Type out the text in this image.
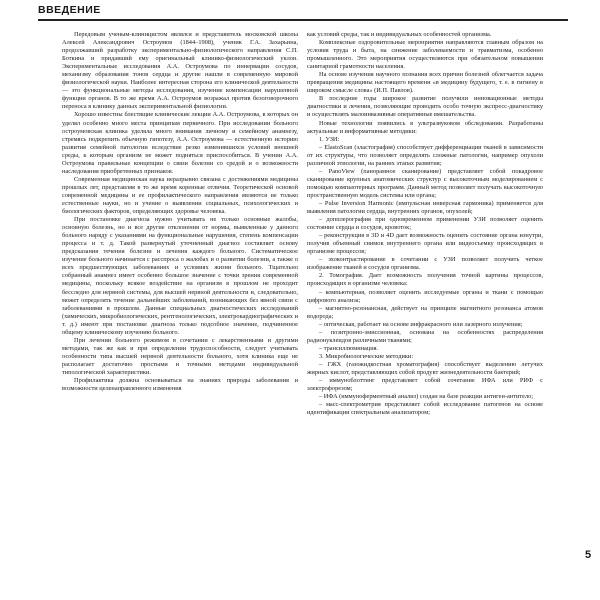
ВВЕДЕНИЕ

Передовым ученым-клиницистом являлся и представитель московской школы Алексей Александрович Остроумов (1844–1908), ученик Г.А. Захарьина, продолжавший разработку экспериментально-физиологического направления С.П. Боткина и придавший ему оригинальный клинико-физиологический уклон. Экспериментальные исследования А.А. Остроумова по иннервации сосудов, механизму образования тонов сердца и другие нашли в современную мировой физиологической науки. Наиболее интересная сторона его клинической деятельности — это функциональные методы исследования, изучение компенсации нарушенной функции органов. В то же время А.А. Остроумов возражал против безоговорочного переноса в клинику данных экспериментальной физиологии.

Хорошо известны блестящие клинические лекции А.А. Остроумова, в которых он уделял особенно много места принципам первичного. При исследовании больного остроумовская клиника уделяла много внимания личному и семейному анамнезу, стремясь подкрепить обычную гипотезу, А.А. Остроумова — естественную историю развития семейной патологии вследствие резко изменившихся условий внешней среды, к которым организм не может подняться приспособиться. В учении А.А. Остроумова правильные концепции о связи болезни со средой и о возможности наследования приобретенных признаков.

Современная медицинская наука неразрывно связана с достижениями медицины прошлых лет, представляя в то же время коренные отличия. Теоретической основой современной медицины и ее профилактического направления являются не только естественные науки, но и учение о выявлении социальных, психологических и биологических факторов, определяющих здоровье человека.

При постановке диагноза нужно учитывать не только основные жалобы, основную болезнь, но и все другие отклонения от нормы, выявленные у данного больного наряду с указаниями на функциональные нарушения, степень компенсации процесса и т. д. Такой развернутый уточненный диагноз составляет основу предсказания течения болезни и лечения каждого больного. Систематическое изучение больного начинается с расспроса о жалобах и о развитии болезни, а также о всех предшествующих заболеваниях и условиях жизни больного. Тщательно собранный анамнез имеет особенно большое значение с точки зрения современной медицины, поскольку всякое воздействие на организм в прошлом не проходит бесследно для нервной системы, для высшей нервной деятельности и, следовательно, может определять течение дальнейших заболеваний, возникающих без явной связи с заболеваниями в прошлом. Данные специальных диагностических исследований (химических, микробиологических, рентгенологических, электрокардиографических и т. д.) имеют при постановке диагноза только подсобное значение, подчиненное общему клиническому изучению больного.

При лечении больного режимом в сочетании с лекарственными и другими методами, так же как и при определении трудоспособности, следует учитывать особенности типа высшей нервной деятельности больного, хотя клиника еще не располагает достаточно простыми и точными методами индивидуальной типологической характеристики.

Профилактика должна основываться на знаниях природы заболевания и возможности целенаправленного изменения

как условий среды, так и индивидуальных особенностей организма.

Комплексные оздоровительные мероприятия направляются главным образом на условия труда и быта, на снижение заболеваемости и травматизма, особенно промышленного. Это мероприятия осуществляются при обязательном повышении санитарной грамотности населения.

На основе изучения научного познания всех причин болезней облегчается задача превращения медицины настоящего времени «в медицину будущего, т. е. в гигиену в широком смысле слова» (И.П. Павлов).

В последние годы широкое развитие получили инновационные методы диагностики и лечения, позволяющие проводить особо точную экспресс-диагностику и осуществлять малоинвазивные оперативные вмешательства.

Новые технологии появились в ультразвуковом обследовании. Разработаны актуальные и информативные методики:

1. УЗИ:

– ElastoScan (эластография) способствует дифференциации тканей в зависимости от их структуры, что позволяет определять сложные патологии, например опухоли различной этиологии, на ранних этапах развития;

– PanoView (панорамное сканирование) представляет собой покадровое сканирование крупных анатомических структур с высокоточным моделированием с помощью компьютерных программ. Данный метод позволяет получать высокоточную пространственную модель системы или органа;

– Pulse Inversion Harmonic (импульсная инверсная гармоника) применяется для выявления патологии сердца, внутренних органов, опухолей;

– допплерография при одновременном применении УЗИ позволяет оценить состояние сердца и сосудов, кровоток;

– реконструкция в 3D и 4D дает возможность оценить состояние органа изнутри, получив объемный снимок внутреннего органа или видеосъемку происходящих в организме процессов;

– эхоконтрастирование в сочетании с УЗИ позволяет получить четкое изображение тканей и сосудов организма.

2. Томография. Дает возможность получения точной картины процессов, происходящих в организме человека:

– компьютерная, позволяет оценить исследуемые органы и ткани с помощью цифрового анализа;

– магнитно-резонансная, действует на принципе магнитного резонанса атомов водорода;

– оптическая, работает на основе инфракрасного или лазерного излучения;

– позитронно-эмиссионная, основана на особенностях распределения радионуклеидов различными тканями;

– трансиллюминация.

3. Микробиологические методики:

– ГЖХ (газожидкостная хроматография) способствует выделению летучих жирных кислот, представляющих собой продукт жизнедеятельности бактерий;

– иммуноблоттинг представляет собой сочетание ИФА или РИФ с электрофорезом;

– ИФА (иммуноферментный анализ) создан на базе реакции антиген-антитело;

– масс-спектрометрия представляет собой исследование патогенов на основе идентификации спектральным анализатором;

5
